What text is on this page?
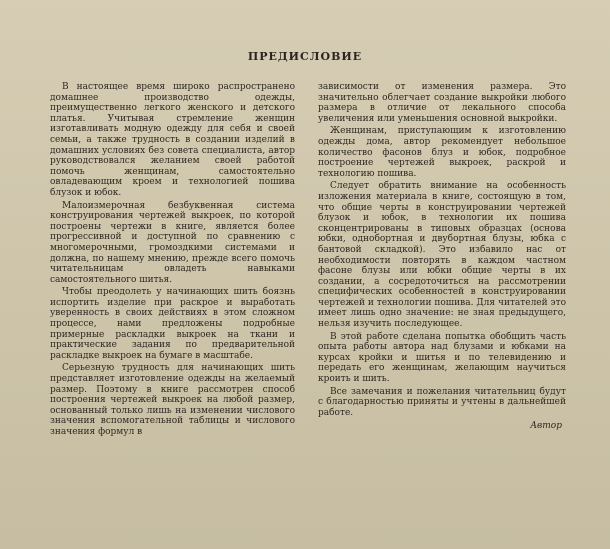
ПРЕДИСЛОВИЕ

В настоящее время широко распространено домашнее производство одежды, преимущественно легкого женского и детского платья. Учитывая стремление женщин изготавливать модную одежду для себя и своей семьи, а также трудность в создании изделий в домашних условиях без совета специалиста, автор руководствовался желанием своей работой помочь женщинам, самостоятельно овладевающим кроем и технологией пошива блузок и юбок.

Малоизмерочная безбуквенная система конструирования чертежей выкроек, по которой построены чертежи в книге, является более прогрессивной и доступной по сравнению с многомерочными, громоздкими системами и должна, по нашему мнению, прежде всего помочь читательницам овладеть навыками самостоятельного шитья.

Чтобы преодолеть у начинающих шить боязнь испортить изделие при раскрое и выработать уверенность в своих действиях в этом сложном процессе, нами предложены подробные примерные раскладки выкроек на ткани и практические задания по предварительной раскладке выкроек на бумаге в масштабе.

Серьезную трудность для начинающих шить представляет изготовление одежды на желаемый размер. Поэтому в книге рассмотрен способ построения чертежей выкроек на любой размер, основанный только лишь на изменении числового значения вспомогательной таблицы и числового значения формул в

зависимости от изменения размера. Это значительно облегчает создание выкройки любого размера в отличие от лекального способа увеличения или уменьшения основной выкройки.

Женщинам, приступающим к изготовлению одежды дома, автор рекомендует небольшое количество фасонов блуз и юбок, подробное построение чертежей выкроек, раскрой и технологию пошива.

Следует обратить внимание на особенность изложения материала в книге, состоящую в том, что общие черты в конструировании чертежей блузок и юбок, в технологии их пошива сконцентрированы в типовых образцах (основа юбки, однобортная и двубортная блузы, юбка с бантовой складкой). Это избавило нас от необходимости повторять в каждом частном фасоне блузы или юбки общие черты в их создании, а сосредоточиться на рассмотрении специфических особенностей в конструировании чертежей и технологии пошива. Для читателей это имеет лишь одно значение: не зная предыдущего, нельзя изучить последующее.

В этой работе сделана попытка обобщить часть опыта работы автора над блузами и юбками на курсах кройки и шитья и по телевидению и передать его женщинам, желающим научиться кроить и шить.

Все замечания и пожелания читательниц будут с благодарностью приняты и учтены в дальнейшей работе.

Автор
